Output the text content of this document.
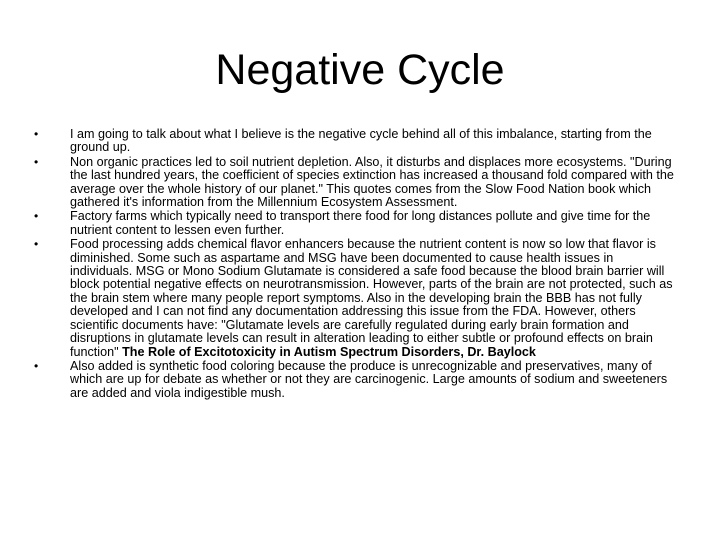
Negative Cycle
•	I am going to talk about what I believe is the negative cycle behind all of this imbalance, starting from the ground up.
•	Non organic practices led to soil nutrient depletion. Also, it disturbs and displaces more ecosystems. "During the last hundred years, the coefficient of species extinction has increased a thousand fold compared with the average over the whole history of our planet." This quotes comes from the Slow Food Nation book which gathered it's information from the Millennium Ecosystem Assessment.
•	Factory farms which typically need to transport there food for long distances pollute and give time for the nutrient content to lessen even further.
•	Food processing adds chemical flavor enhancers because the nutrient content is now so low that flavor is diminished. Some such as aspartame and MSG have been documented to cause health issues in individuals. MSG or Mono Sodium Glutamate is considered a safe food because the blood brain barrier will block potential negative effects on neurotransmission. However, parts of the brain are not protected, such as the brain stem where many people report symptoms. Also in the developing brain the BBB has not fully developed and I can not find any documentation addressing this issue from the FDA. However, others scientific documents have: "Glutamate levels are carefully regulated during early brain formation and disruptions in glutamate levels can result in alteration leading to either subtle or profound effects on brain function" The Role of Excitotoxicity in Autism Spectrum Disorders, Dr. Baylock
•	Also added is synthetic food coloring because the produce is unrecognizable and preservatives, many of which are up for debate as whether or not they are carcinogenic. Large amounts of sodium and sweeteners are added and viola indigestible mush.
